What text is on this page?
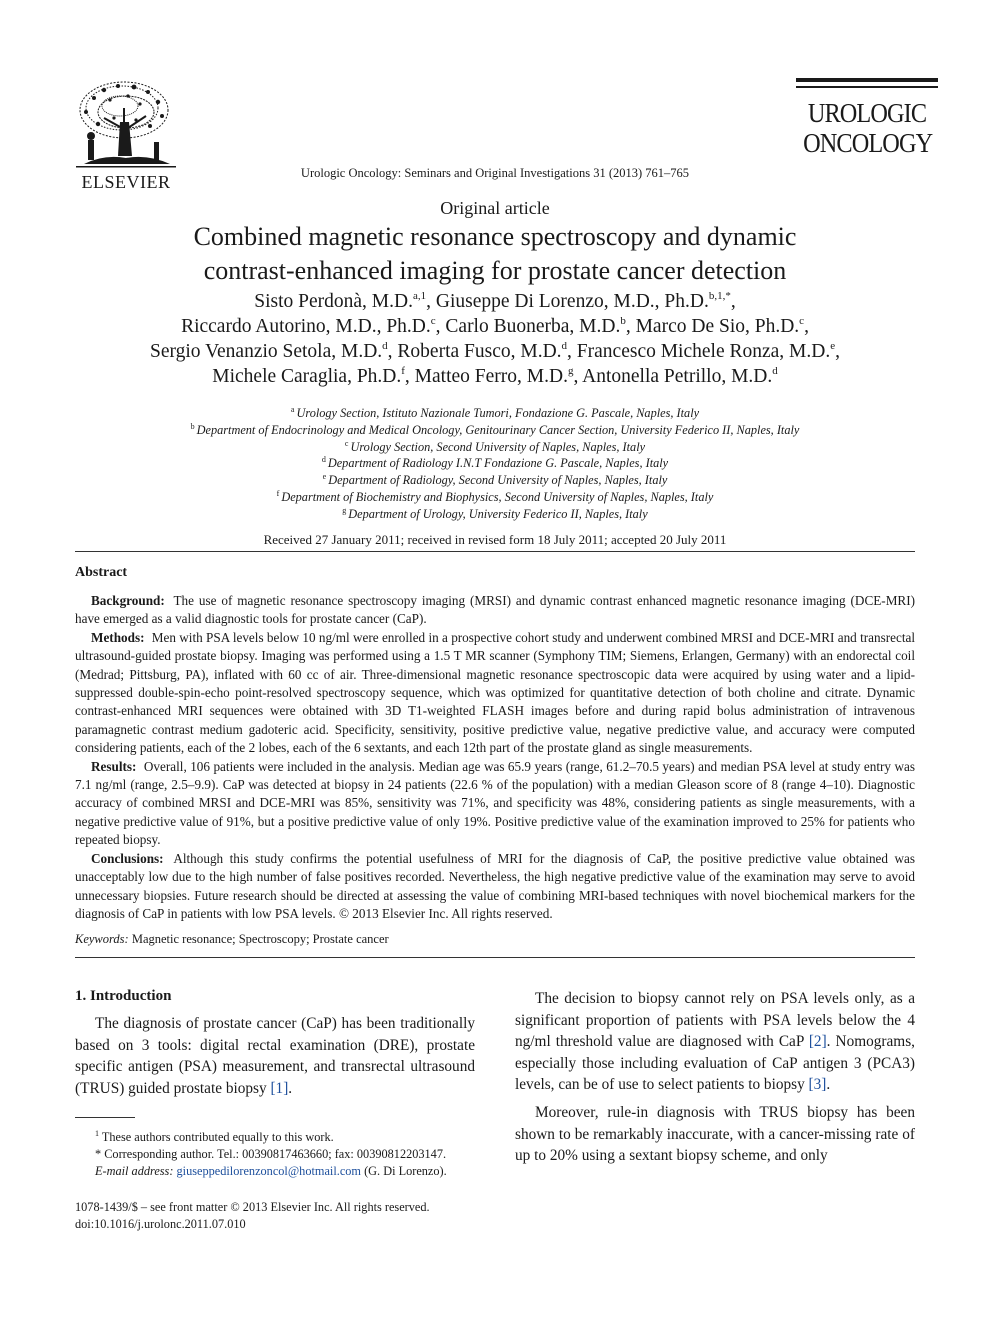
ELSEVIER	Urologic Oncology: Seminars and Original Investigations 31 (2013) 761–765
UROLOGIC
ONCOLOGY
Original article
Combined magnetic resonance spectroscopy and dynamic
contrast-enhanced imaging for prostate cancer detection
Sisto Perdonà, M.D.$^{a,1}$, Giuseppe Di Lorenzo, M.D., Ph.D.$^{b,1,*}$,
Riccardo Autorino, M.D., Ph.D.$^c$, Carlo Buonerba, M.D.$^b$, Marco De Sio, Ph.D.$^c$,
Sergio Venanzio Setola, M.D.$^d$, Roberta Fusco, M.D.$^d$, Francesco Michele Ronza, M.D.$^e$,
Michele Caraglia, Ph.D.$^f$, Matteo Ferro, M.D.$^g$, Antonella Petrillo, M.D.$^d$
$^a$ Urology Section, Istituto Nazionale Tumori, Fondazione G. Pascale, Naples, Italy
$^b$ Department of Endocrinology and Medical Oncology, Genitourinary Cancer Section, University Federico II, Naples, Italy
$^c$ Urology Section, Second University of Naples, Naples, Italy
$^d$ Department of Radiology I.N.T Fondazione G. Pascale, Naples, Italy
$^e$ Department of Radiology, Second University of Naples, Naples, Italy
$^f$ Department of Biochemistry and Biophysics, Second University of Naples, Naples, Italy
$^g$ Department of Urology, University Federico II, Naples, Italy
Received 27 January 2011; received in revised form 18 July 2011; accepted 20 July 2011
Abstract

Background: The use of magnetic resonance spectroscopy imaging (MRSI) and dynamic contrast enhanced magnetic resonance imaging (DCE-MRI) have emerged as a valid diagnostic tools for prostate cancer (CaP).

Methods: Men with PSA levels below 10 ng/ml were enrolled in a prospective cohort study and underwent combined MRSI and DCE-MRI and transrectal ultrasound-guided prostate biopsy. Imaging was performed using a 1.5 T MR scanner (Symphony TIM; Siemens, Erlangen, Germany) with an endorectal coil (Medrad; Pittsburg, PA), inflated with 60 cc of air. Three-dimensional magnetic resonance spectroscopic data were acquired by using water and a lipid-suppressed double-spin-echo point-resolved spectroscopy sequence, which was optimized for quantitative detection of both choline and citrate. Dynamic contrast-enhanced MRI sequences were obtained with 3D T1-weighted FLASH images before and during rapid bolus administration of intravenous paramagnetic contrast medium gadoteric acid. Specificity, sensitivity, positive predictive value, negative predictive value, and accuracy were computed considering patients, each of the 2 lobes, each of the 6 sextants, and each 12th part of the prostate gland as single measurements.

Results: Overall, 106 patients were included in the analysis. Median age was 65.9 years (range, 61.2–70.5 years) and median PSA level at study entry was 7.1 ng/ml (range, 2.5–9.9). CaP was detected at biopsy in 24 patients (22.6 % of the population) with a median Gleason score of 8 (range 4–10). Diagnostic accuracy of combined MRSI and DCE-MRI was 85%, sensitivity was 71%, and specificity was 48%, considering patients as single measurements, with a negative predictive value of 91%, but a positive predictive value of only 19%. Positive predictive value of the examination improved to 25% for patients who repeated biopsy.

Conclusions: Although this study confirms the potential usefulness of MRI for the diagnosis of CaP, the positive predictive value obtained was unacceptably low due to the high number of false positives recorded. Nevertheless, the high negative predictive value of the examination may serve to avoid unnecessary biopsies. Future research should be directed at assessing the value of combining MRI-based techniques with novel biochemical markers for the diagnosis of CaP in patients with low PSA levels. © 2013 Elsevier Inc. All rights reserved.

Keywords: Magnetic resonance; Spectroscopy; Prostate cancer
1. Introduction
The diagnosis of prostate cancer (CaP) has been traditionally based on 3 tools: digital rectal examination (DRE), prostate specific antigen (PSA) measurement, and transrectal ultrasound (TRUS) guided prostate biopsy [1].
$^1$ These authors contributed equally to this work.
* Corresponding author. Tel.: 00390817463660; fax: 00390812203147.
E-mail address: giuseppedilorenzoncol@hotmail.com (G. Di Lorenzo).
1078-1439/$ – see front matter © 2013 Elsevier Inc. All rights reserved.
doi:10.1016/j.urolonc.2011.07.010
The decision to biopsy cannot rely on PSA levels only, as a significant proportion of patients with PSA levels below the 4 ng/ml threshold value are diagnosed with CaP [2]. Nomograms, especially those including evaluation of CaP antigen 3 (PCA3) levels, can be of use to select patients to biopsy [3].
Moreover, rule-in diagnosis with TRUS biopsy has been shown to be remarkably inaccurate, with a cancer-missing rate of up to 20% using a sextant biopsy scheme, and only
